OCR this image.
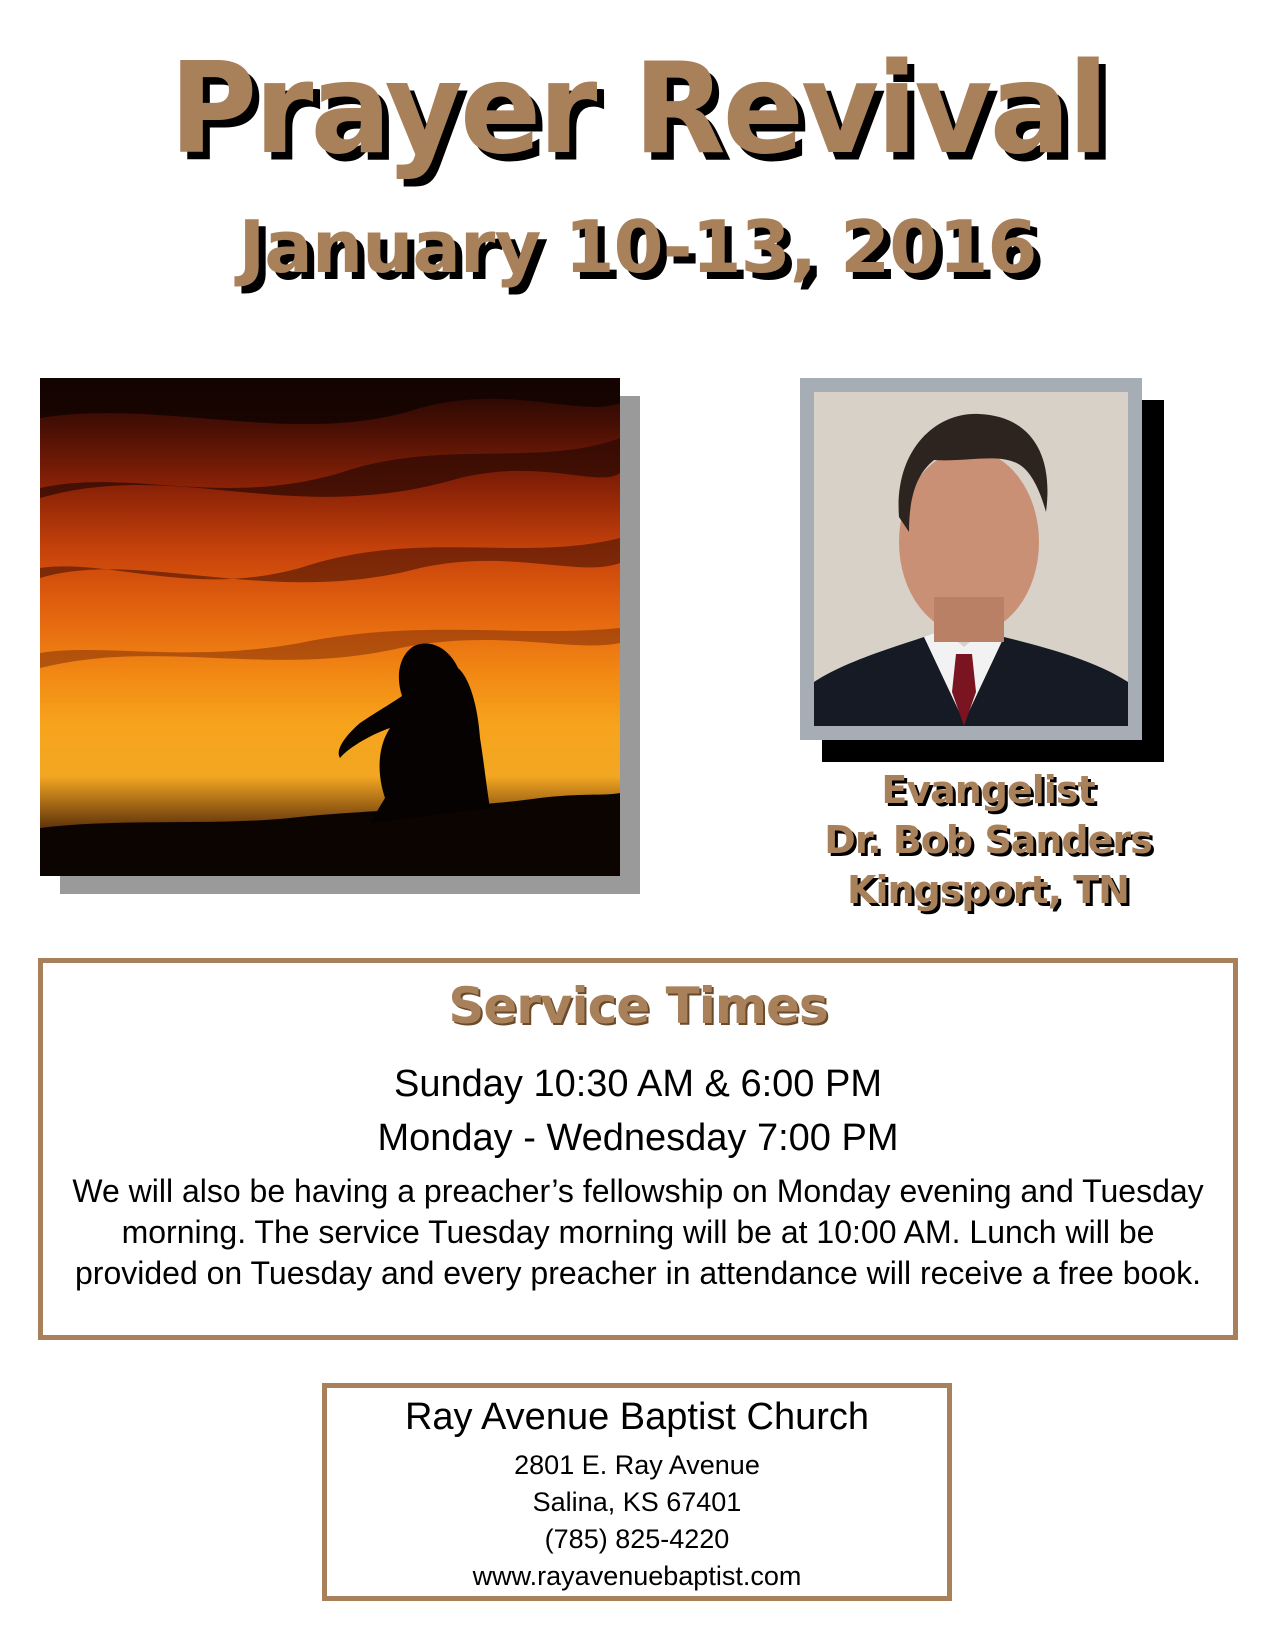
Prayer Revival
January 10-13, 2016
Evangelist
Dr. Bob Sanders
Kingsport, TN
Service Times
Sunday 10:30 AM & 6:00 PM
Monday - Wednesday 7:00 PM
We will also be having a preacher’s fellowship on Monday evening and Tuesday morning. The service Tuesday morning will be at 10:00 AM. Lunch will be provided on Tuesday and every preacher in attendance will receive a free book.
Ray Avenue Baptist Church
2801 E. Ray Avenue
Salina, KS 67401
(785) 825-4220
www.rayavenuebaptist.com
